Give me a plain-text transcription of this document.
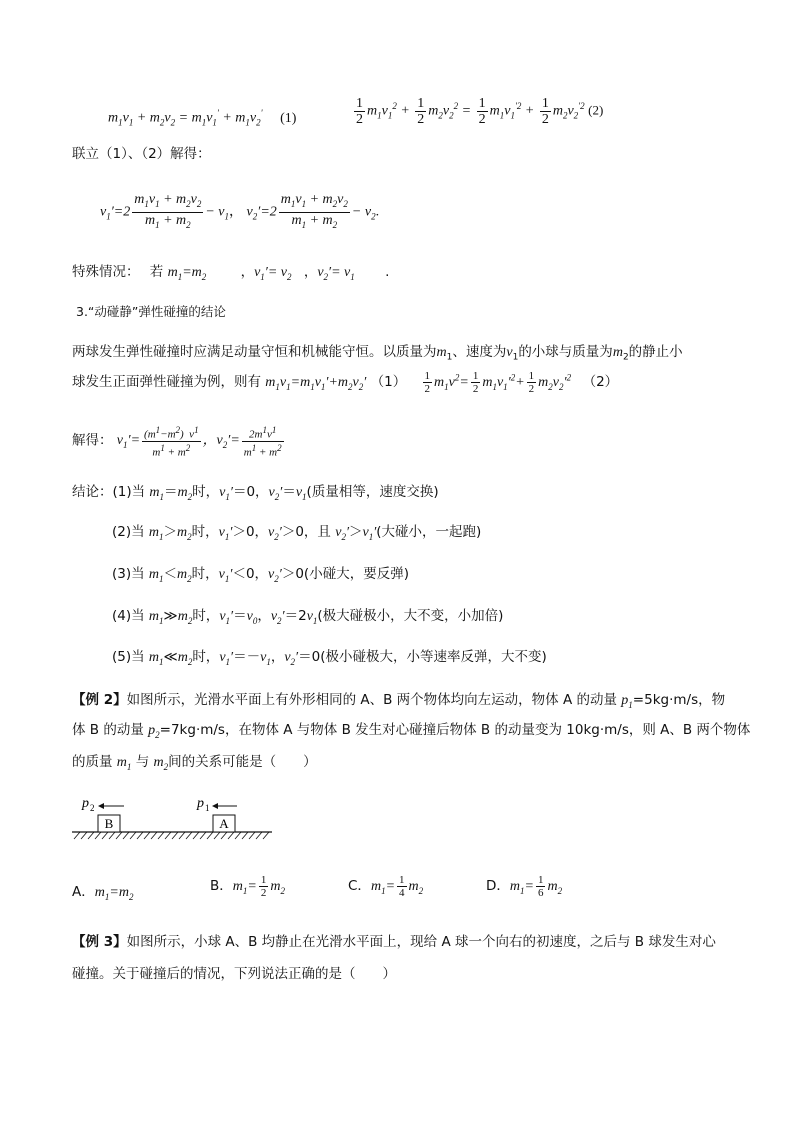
$m_1v_1 + m_2v_2 = m_1v_1' + m_1v_2'$ (1)	$\frac{1}{2} m_1v_1^2 + \frac{1}{2} m_2v_2^2 = \frac{1}{2} m_1v_1^{'2} + \frac{1}{2} m_2v_2^{'2}$ (2)
联立（1）、（2）解得：
$v_1'=2 \frac{m_1v_1 + m_2v_2}{m_1 + m_2} - v_1$， $v_2'=2 \frac{m_1v_1 + m_2v_2}{m_1 + m_2} - v_2$.
特殊情况： 若 $m_1=m_2$	，$v_1'= v_2$ ，$v_2'= v_1$ .
3.“动碰静”弹性碰撞的结论
两球发生弹性碰撞时应满足动量守恒和机械能守恒。以质量为$m_1$、速度为$v_1$的小球与质量为$m_2$的静止小
球发生正面弹性碰撞为例，则有 $m_1v_1=m_1v_1'+m_2v_2'$ $(1) \frac{1}{2} m_1v^2= \frac{1}{2} m_1v_1'^2+ \frac{1}{2} m_2v_2'^2$ （2）
解得： $v_1'= \frac{(m^1-m^2) v^1}{m^1 + m^2}$ ，$v_2'= \frac{2m^1v^1}{m^1 + m^2}$
结论：(1)当 $m_1=m_2$时，$v_1'=0$，$v_2'=v_1$(质量相等，速度交换)
(2)当 $m_1>m_2$时，$v_1'>0$，$v_2'>0$，且 $v_2'>v_1'$(大碰小，一起跑)
(3)当 $m_1<m_2$时，$v_1'<0$，$v_2'>0$(小碰大，要反弹)
(4)当 $m_1≫m_2$时，$v_1'=v_0$，$v_2'=2v_1$(极大碰极小，大不变，小加倍)
(5)当 $m_1≪m_2$时，$v_1'=-v_1$，$v_2'=0$(极小碰极大，小等速率反弹，大不变)
【例 2】如图所示，光滑水平面上有外形相同的 A、B 两个物体均向左运动，物体 A 的动量 $p_1=5kg\cdot m/s$，物
体 B 的动量 $p_2=7kg\cdot m/s$，在物体 A 与物体 B 发生对心碰撞后物体 B 的动量变为 10kg·m/s，则 A、B 两个物体
的质量 $m_1$ 与 $m_2$间的关系可能是（　　）
B	A
p 2	p 1
A．$m_1=m_2$
B．$m_1= \frac{1}{2} m_2$	C．$m_1= \frac{1}{4} m_2$	D．$m_1= \frac{1}{6} m_2$
【例 3】如图所示，小球 A、B 均静止在光滑水平面上，现给 A 球一个向右的初速度，之后与 B 球发生对心
碰撞。关于碰撞后的情况，下列说法正确的是（　　）
